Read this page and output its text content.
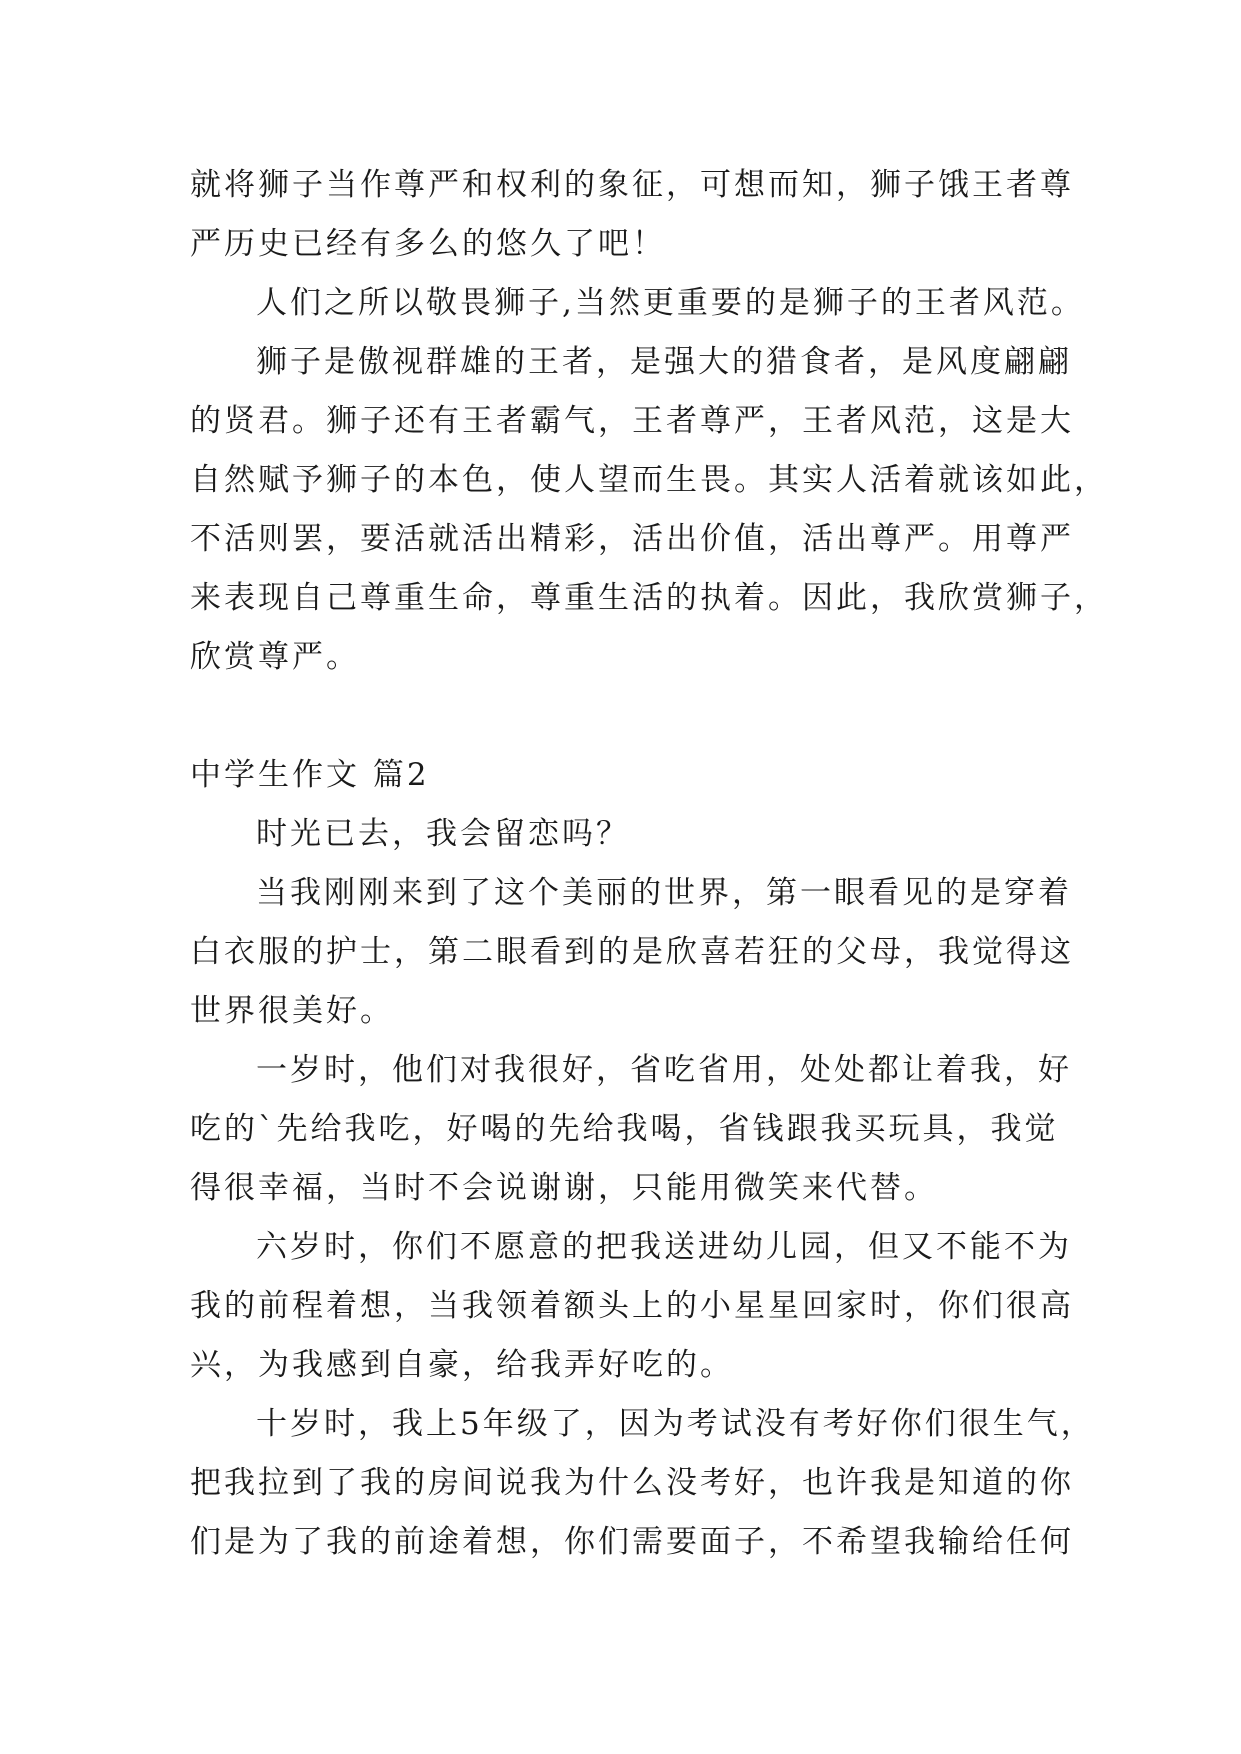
就将狮子当作尊严和权利的象征，可想而知，狮子饿王者尊
严历史已经有多么的悠久了吧！
人们之所以敬畏狮子,当然更重要的是狮子的王者风范。
狮子是傲视群雄的王者，是强大的猎食者，是风度翩翩
的贤君。狮子还有王者霸气，王者尊严，王者风范，这是大
自然赋予狮子的本色，使人望而生畏。其实人活着就该如此，
不活则罢，要活就活出精彩，活出价值，活出尊严。用尊严
来表现自己尊重生命，尊重生活的执着。因此，我欣赏狮子，
欣赏尊严。
中学生作文 篇2
时光已去，我会留恋吗？
当我刚刚来到了这个美丽的世界，第一眼看见的是穿着
白衣服的护士，第二眼看到的是欣喜若狂的父母，我觉得这
世界很美好。
一岁时，他们对我很好，省吃省用，处处都让着我，好
吃的`先给我吃，好喝的先给我喝，省钱跟我买玩具，我觉
得很幸福，当时不会说谢谢，只能用微笑来代替。
六岁时，你们不愿意的把我送进幼儿园，但又不能不为
我的前程着想，当我领着额头上的小星星回家时，你们很高
兴，为我感到自豪，给我弄好吃的。
十岁时，我上5年级了，因为考试没有考好你们很生气，
把我拉到了我的房间说我为什么没考好，也许我是知道的你
们是为了我的前途着想，你们需要面子，不希望我输给任何
